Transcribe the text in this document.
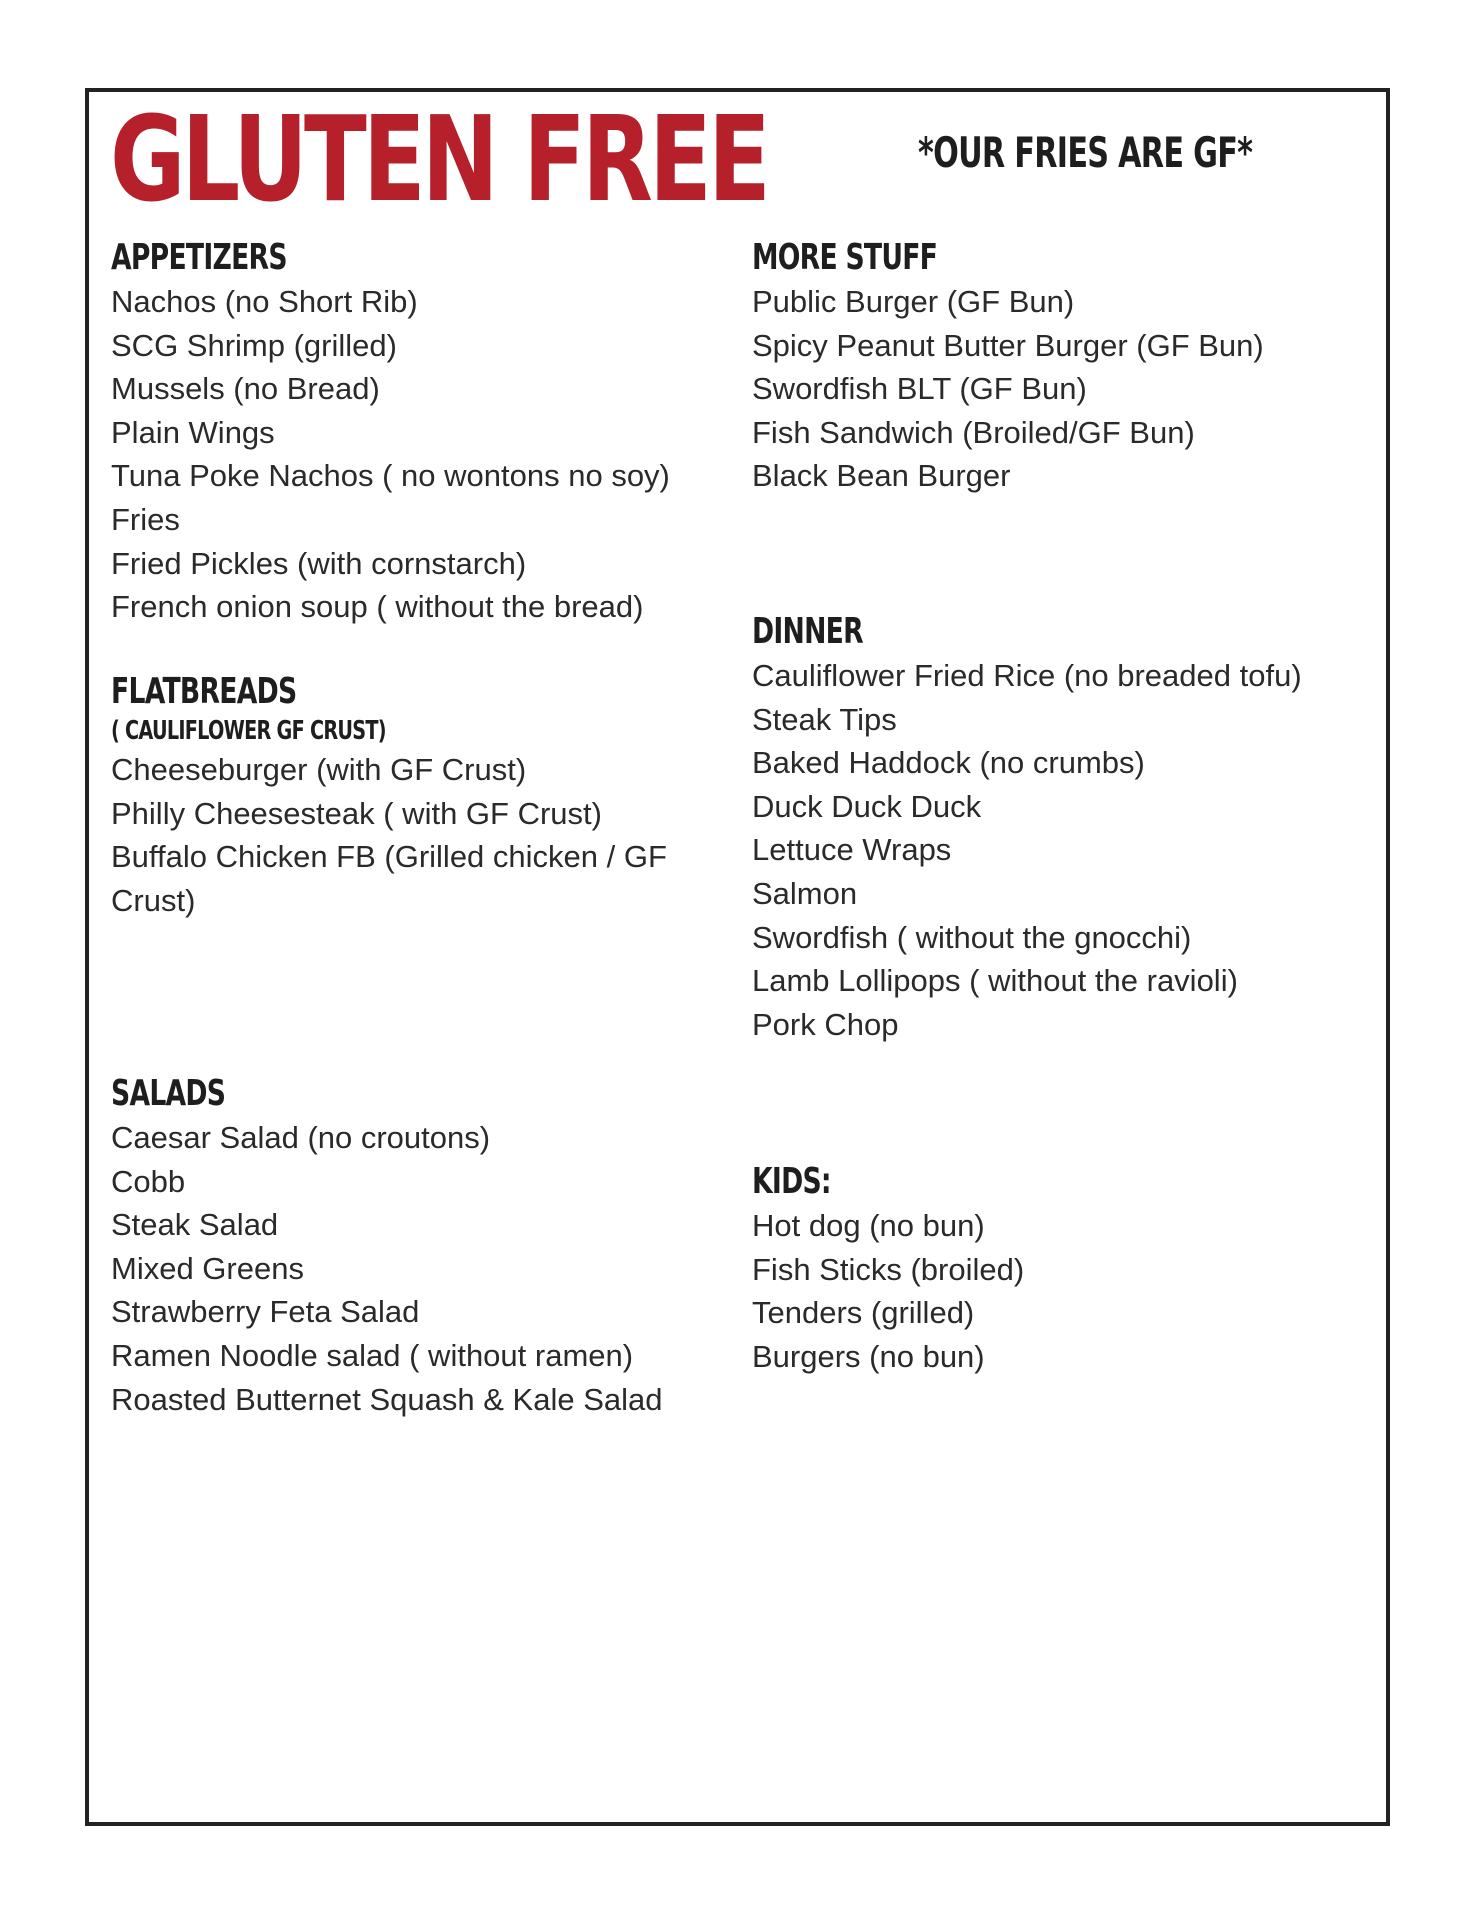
GLUTEN FREE	*OUR FRIES ARE GF*

APPETIZERS
Nachos (no Short Rib)
SCG Shrimp (grilled)
Mussels (no Bread)
Plain Wings
Tuna Poke Nachos ( no wontons no soy)
Fries
Fried Pickles (with cornstarch)
French onion soup ( without the bread)
FLATBREADS

( CAULIFLOWER GF CRUST)

Cheeseburger (with GF Crust)
Philly Cheesesteak ( with GF Crust)
Buffalo Chicken FB (Grilled chicken / GF Crust)
SALADS
Caesar Salad (no croutons)
Cobb
Steak Salad
Mixed Greens
Strawberry Feta Salad
Ramen Noodle salad ( without ramen)
Roasted Butternet Squash & Kale Salad
MORE STUFF
Public Burger (GF Bun)
Spicy Peanut Butter Burger (GF Bun)
Swordfish BLT (GF Bun)
Fish Sandwich (Broiled/GF Bun)
Black Bean Burger
DINNER
Cauliflower Fried Rice (no breaded tofu)
Steak Tips
Baked Haddock (no crumbs)
Duck Duck Duck
Lettuce Wraps
Salmon
Swordfish ( without the gnocchi)
Lamb Lollipops ( without the ravioli)
Pork Chop
KIDS:
Hot dog (no bun)
Fish Sticks (broiled)
Tenders (grilled)
Burgers (no bun)
